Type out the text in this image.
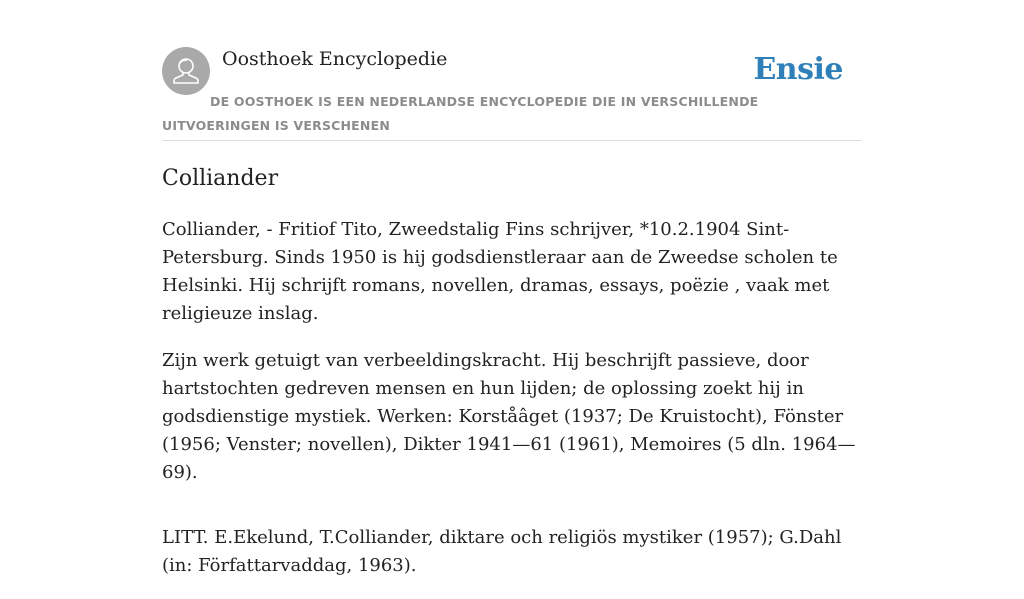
Oosthoek Encyclopedie	Ensie
DE OOSTHOEK IS EEN NEDERLANDSE ENCYCLOPEDIE DIE IN VERSCHILLENDE UITVOERINGEN IS VERSCHENEN
Colliander

Colliander, - Fritiof Tito, Zweedstalig Fins schrijver, *10.2.1904 Sint-Petersburg. Sinds 1950 is hij godsdienstleraar aan de Zweedse scholen te Helsinki. Hij schrijft romans, novellen, dramas, essays, poëzie , vaak met religieuze inslag.

Zijn werk getuigt van verbeeldingskracht. Hij beschrijft passieve, door hartstochten gedreven mensen en hun lijden; de oplossing zoekt hij in godsdienstige mystiek. Werken: Korståâget (1937; De Kruistocht), Fönster (1956; Venster; novellen), Dikter 1941—61 (1961), Memoires (5 dln. 1964—69).

LITT. E.Ekelund, T.Colliander, diktare och religiös mystiker (1957); G.Dahl (in: Författarvaddag, 1963).
